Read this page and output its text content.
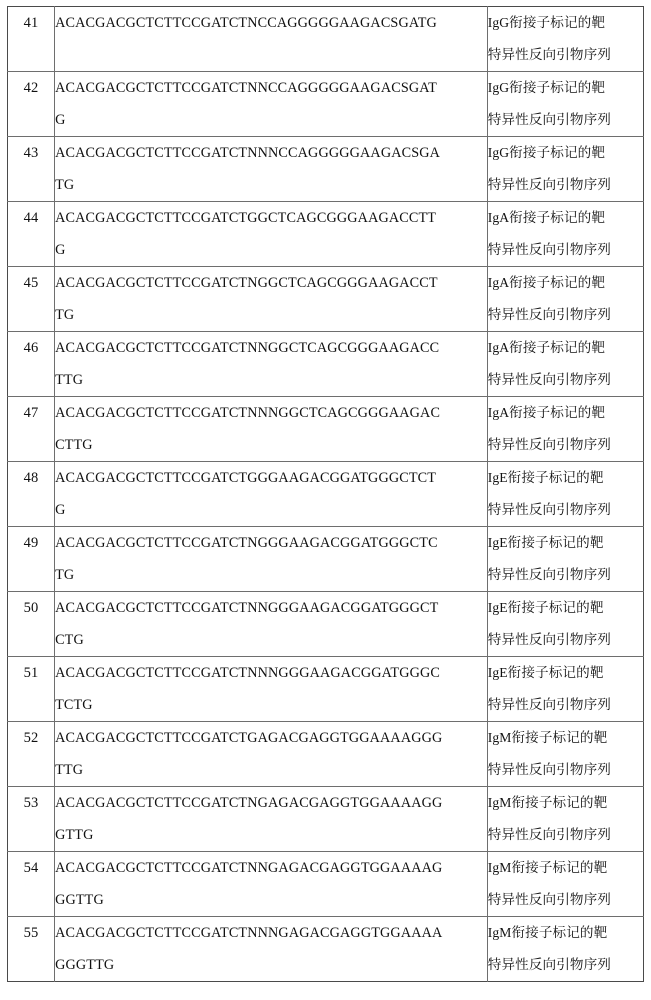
41	ACACGACGCTCTTCCGATCTNCCAGGGGGAAGACSGATG	IgG衔接子标记的靶
特异性反向引物序列

42	ACACGACGCTCTTCCGATCTNNCCAGGGGGAAGACSGAT
G	IgG衔接子标记的靶
特异性反向引物序列

43	ACACGACGCTCTTCCGATCTNNNCCAGGGGGAAGACSGA
TG	IgG衔接子标记的靶
特异性反向引物序列

44	ACACGACGCTCTTCCGATCTGGCTCAGCGGGAAGACCTT
G	IgA衔接子标记的靶
特异性反向引物序列

45	ACACGACGCTCTTCCGATCTNGGCTCAGCGGGAAGACCT
TG	IgA衔接子标记的靶
特异性反向引物序列

46	ACACGACGCTCTTCCGATCTNNGGCTCAGCGGGAAGACC
TTG	IgA衔接子标记的靶
特异性反向引物序列

47	ACACGACGCTCTTCCGATCTNNNGGCTCAGCGGGAAGAC
CTTG	IgA衔接子标记的靶
特异性反向引物序列

48	ACACGACGCTCTTCCGATCTGGGAAGACGGATGGGCTCT
G	IgE衔接子标记的靶
特异性反向引物序列

49	ACACGACGCTCTTCCGATCTNGGGAAGACGGATGGGCTC
TG	IgE衔接子标记的靶
特异性反向引物序列

50	ACACGACGCTCTTCCGATCTNNGGGAAGACGGATGGGCT
CTG	IgE衔接子标记的靶
特异性反向引物序列

51	ACACGACGCTCTTCCGATCTNNNGGGAAGACGGATGGGC
TCTG	IgE衔接子标记的靶
特异性反向引物序列

52	ACACGACGCTCTTCCGATCTGAGACGAGGTGGAAAAGGG
TTG	IgM衔接子标记的靶
特异性反向引物序列

53	ACACGACGCTCTTCCGATCTNGAGACGAGGTGGAAAAGG
GTTG	IgM衔接子标记的靶
特异性反向引物序列

54	ACACGACGCTCTTCCGATCTNNGAGACGAGGTGGAAAAG
GGTTG	IgM衔接子标记的靶
特异性反向引物序列

55	ACACGACGCTCTTCCGATCTNNNGAGACGAGGTGGAAAA
GGGTTG	IgM衔接子标记的靶
特异性反向引物序列
